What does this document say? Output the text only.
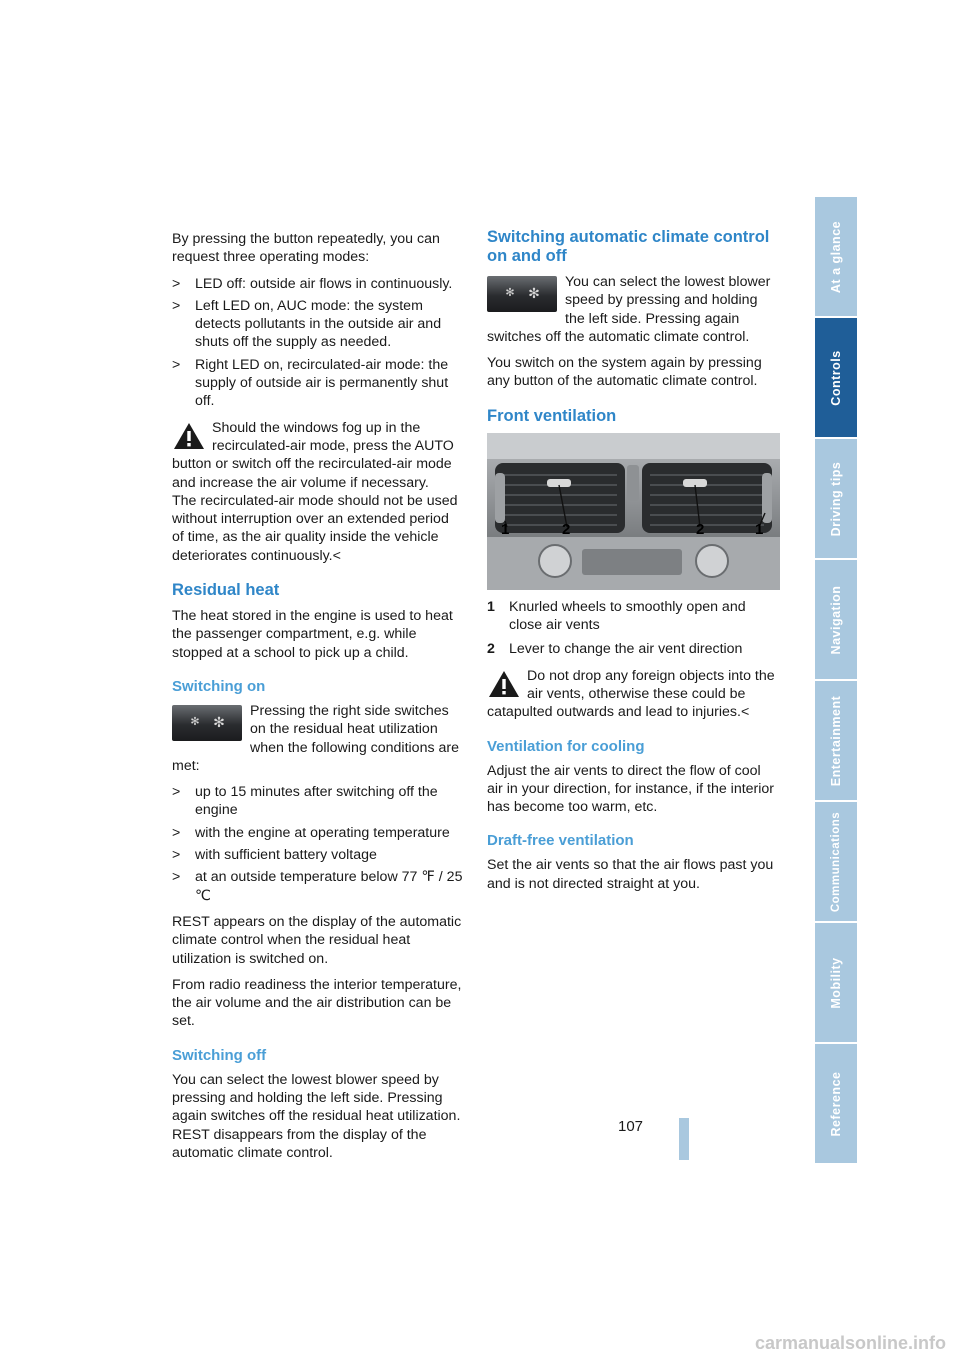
By pressing the button repeatedly, you can request three operating modes:

> LED off: outside air flows in continuously.
> Left LED on, AUC mode: the system detects pollutants in the outside air and shuts off the supply as needed.
> Right LED on, recirculated-air mode: the supply of outside air is permanently shut off.
Should the windows fog up in the recirculated-air mode, press the AUTO button or switch off the recirculated-air mode and increase the air volume if necessary.
The recirculated-air mode should not be used without interruption over an extended period of time, as the air quality inside the vehicle deteriorates continuously.<
Residual heat

The heat stored in the engine is used to heat the passenger compartment, e.g. while stopped at a school to pick up a child.

Switching on
✻ ✻

Pressing the right side switches on the residual heat utilization when the following conditions are met:

> up to 15 minutes after switching off the engine
> with the engine at operating temperature
> with sufficient battery voltage
> at an outside temperature below 77 ℉ / 25 ℃

REST appears on the display of the automatic climate control when the residual heat utilization is switched on.

From radio readiness the interior temperature, the air volume and the air distribution can be set.

Switching off

You can select the lowest blower speed by pressing and holding the left side. Pressing again switches off the residual heat utilization. REST disappears from the display of the automatic climate control.

Switching automatic climate control on and off
✻ ✻

You can select the lowest blower speed by pressing and holding the left side. Pressing again switches off the automatic climate control.

You switch on the system again by pressing any button of the automatic climate control.

Front ventilation
1	2	2	1
1 Knurled wheels to smoothly open and close air vents
2 Lever to change the air vent direction
Do not drop any foreign objects into the air vents, otherwise these could be catapulted outwards and lead to injuries.<
Ventilation for cooling

Adjust the air vents to direct the flow of cool air in your direction, for instance, if the interior has become too warm, etc.

Draft-free ventilation

Set the air vents so that the air flows past you and is not directed straight at you.

At a glance
Controls
Driving tips
Navigation
Entertainment
Communications
Mobility
Reference
107
carmanualsonline.info
